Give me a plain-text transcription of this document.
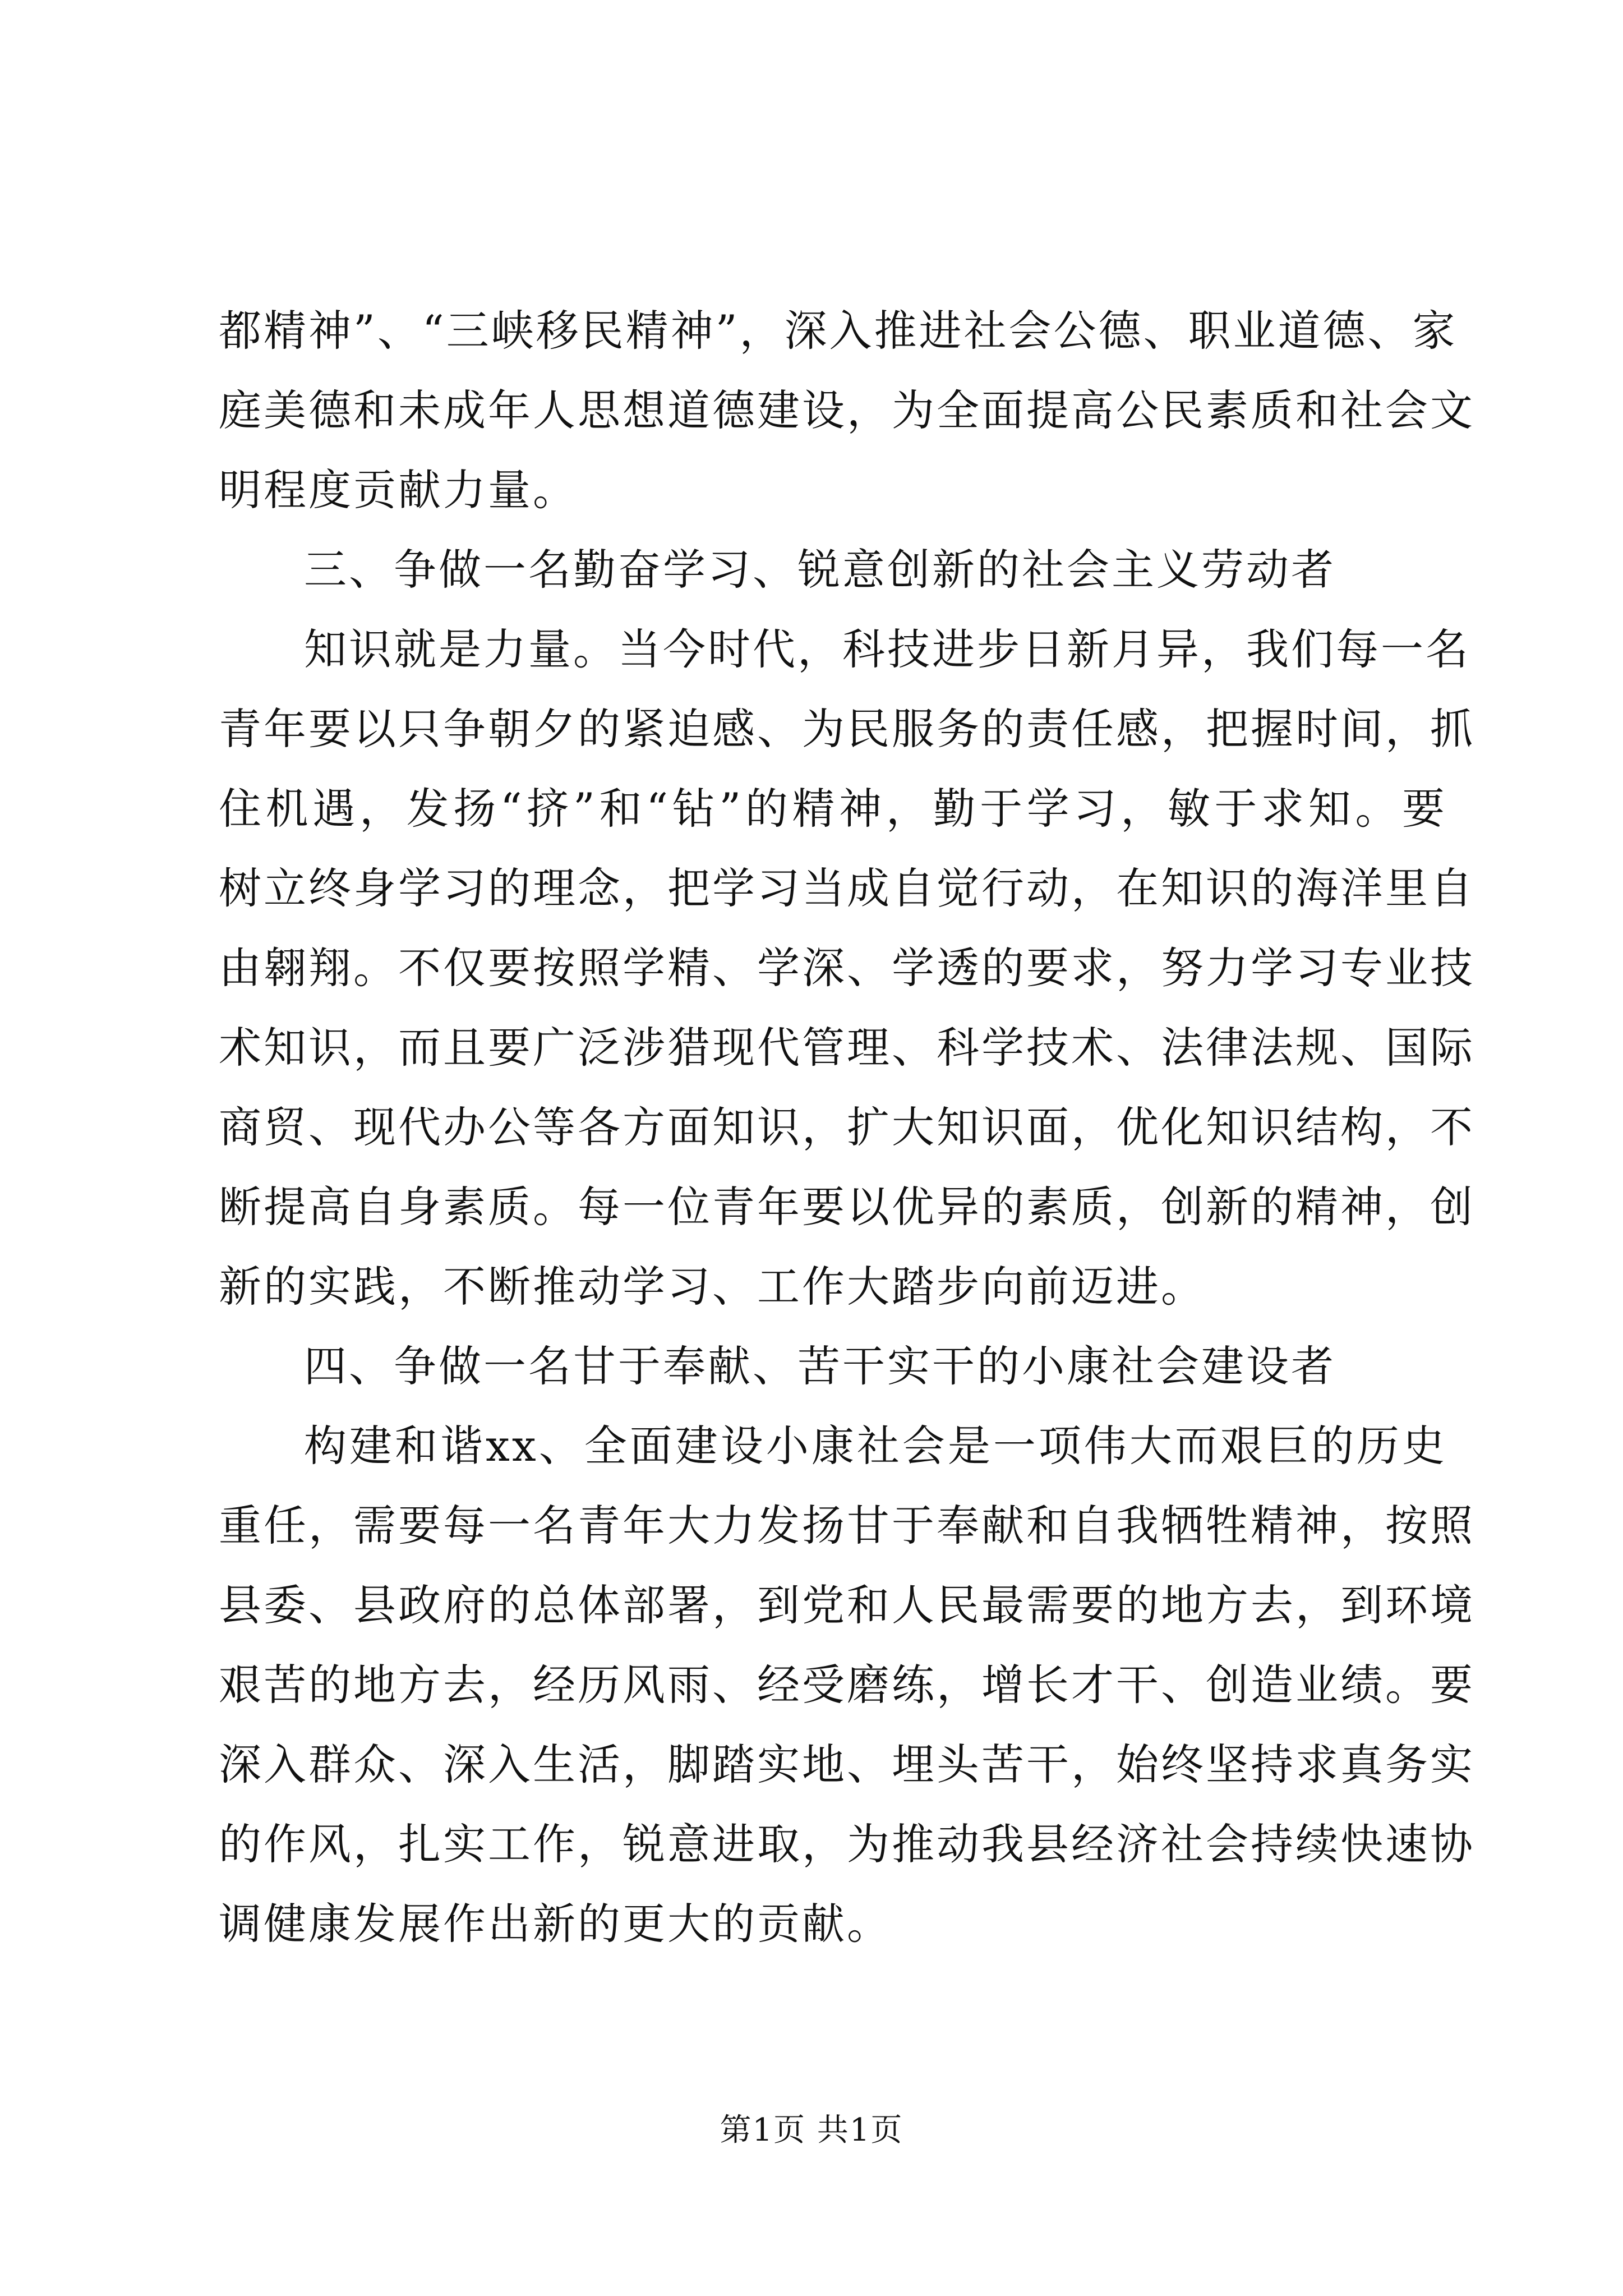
都精神”、“三峡移民精神”，深入推进社会公德、职业道德、家
庭美德和未成年人思想道德建设，为全面提高公民素质和社会文
明程度贡献力量。
三、争做一名勤奋学习、锐意创新的社会主义劳动者
知识就是力量。当今时代，科技进步日新月异，我们每一名
青年要以只争朝夕的紧迫感、为民服务的责任感，把握时间，抓
住机遇，发扬“挤”和“钻”的精神，勤于学习，敏于求知。要
树立终身学习的理念，把学习当成自觉行动，在知识的海洋里自
由翱翔。不仅要按照学精、学深、学透的要求，努力学习专业技
术知识，而且要广泛涉猎现代管理、科学技术、法律法规、国际
商贸、现代办公等各方面知识，扩大知识面，优化知识结构，不
断提高自身素质。每一位青年要以优异的素质，创新的精神，创
新的实践，不断推动学习、工作大踏步向前迈进。
四、争做一名甘于奉献、苦干实干的小康社会建设者
构建和谐xx、全面建设小康社会是一项伟大而艰巨的历史
重任，需要每一名青年大力发扬甘于奉献和自我牺牲精神，按照
县委、县政府的总体部署，到党和人民最需要的地方去，到环境
艰苦的地方去，经历风雨、经受磨练，增长才干、创造业绩。要
深入群众、深入生活，脚踏实地、埋头苦干，始终坚持求真务实
的作风，扎实工作，锐意进取，为推动我县经济社会持续快速协
调健康发展作出新的更大的贡献。
第1页 共1页
